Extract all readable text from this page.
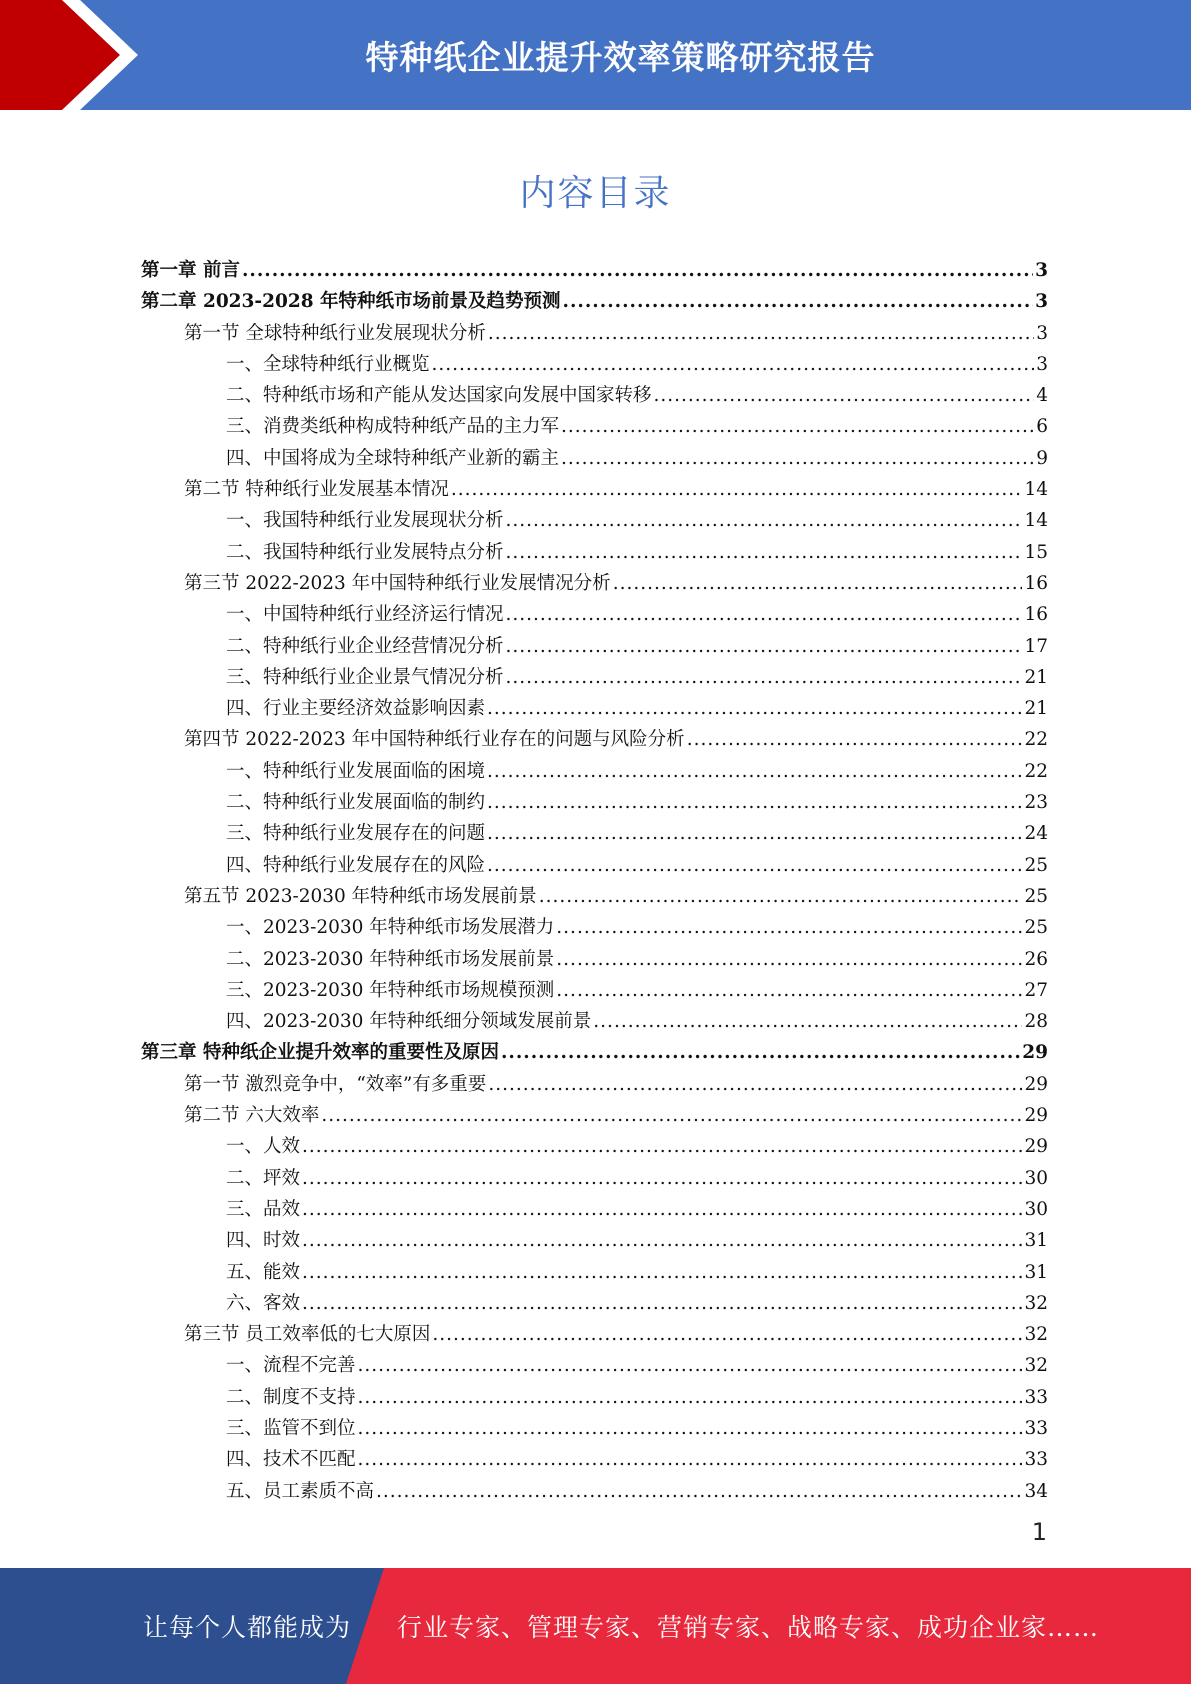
特种纸企业提升效率策略研究报告
内容目录
第一章 前言 .....	3
第二章 2023-2028 年特种纸市场前景及趋势预测 .....	3
第一节 全球特种纸行业发展现状分析 .....	3
一、全球特种纸行业概览 .....	3
二、特种纸市场和产能从发达国家向发展中国家转移 .....	4
三、消费类纸种构成特种纸产品的主力军 .....	6
四、中国将成为全球特种纸产业新的霸主 .....	9
第二节 特种纸行业发展基本情况 .....	14
一、我国特种纸行业发展现状分析 .....	14
二、我国特种纸行业发展特点分析 .....	15
第三节 2022-2023 年中国特种纸行业发展情况分析 .....	16
一、中国特种纸行业经济运行情况 .....	16
二、特种纸行业企业经营情况分析 .....	17
三、特种纸行业企业景气情况分析 .....	21
四、行业主要经济效益影响因素 .....	21
第四节 2022-2023 年中国特种纸行业存在的问题与风险分析 .....	22
一、特种纸行业发展面临的困境 .....	22
二、特种纸行业发展面临的制约 .....	23
三、特种纸行业发展存在的问题 .....	24
四、特种纸行业发展存在的风险 .....	25
第五节 2023-2030 年特种纸市场发展前景 .....	25
一、2023-2030 年特种纸市场发展潜力 .....	25
二、2023-2030 年特种纸市场发展前景 .....	26
三、2023-2030 年特种纸市场规模预测 .....	27
四、2023-2030 年特种纸细分领域发展前景 .....	28
第三章 特种纸企业提升效率的重要性及原因 .....	29
第一节 激烈竞争中，“效率”有多重要 .....	29
第二节 六大效率 .....	29
一、人效 .....	29
二、坪效 .....	30
三、品效 .....	30
四、时效 .....	31
五、能效 .....	31
六、客效 .....	32
第三节 员工效率低的七大原因 .....	32
一、流程不完善 .....	32
二、制度不支持 .....	33
三、监管不到位 .....	33
四、技术不匹配 .....	33
五、员工素质不高 .....	34
1
让每个人都能成为 行业专家、管理专家、营销专家、战略专家、成功企业家……
